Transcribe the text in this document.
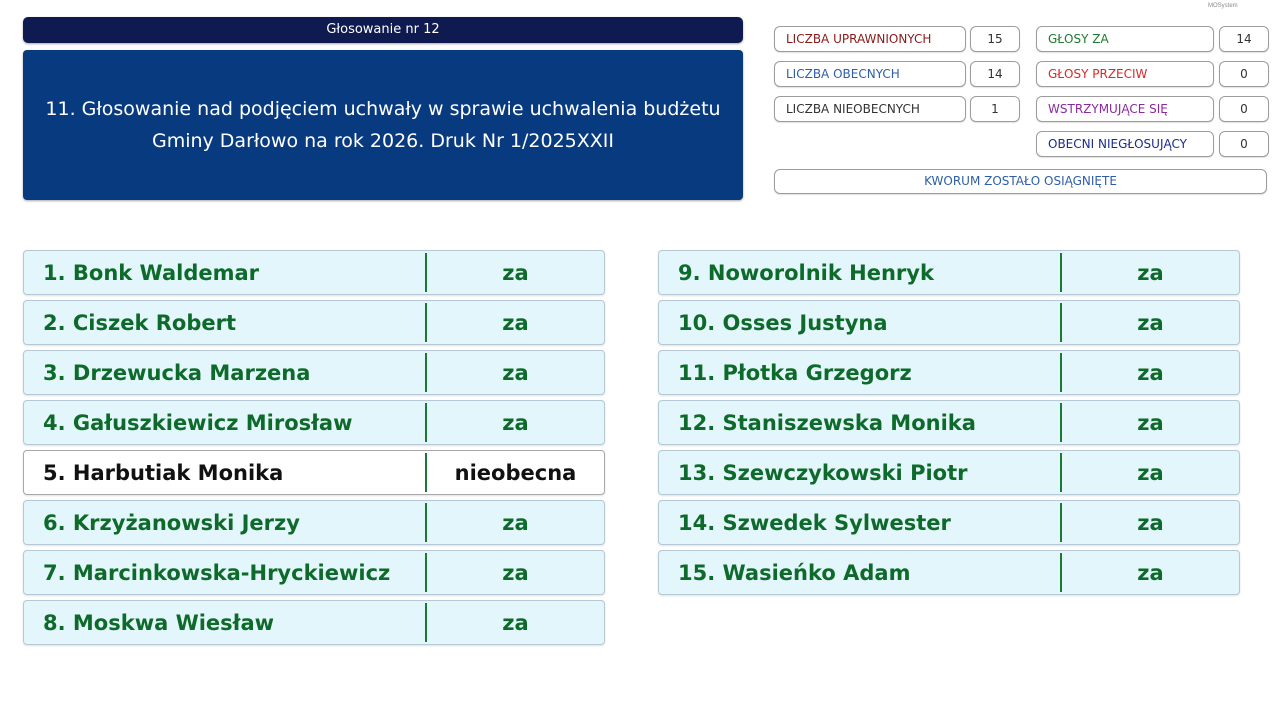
MOSystem
Głosowanie nr 12
11. Głosowanie nad podjęciem uchwały w sprawie uchwalenia budżetu Gminy Darłowo na rok 2026. Druk Nr 1/2025XXII
LICZBA UPRAWNIONYCH	15
LICZBA OBECNYCH	14
LICZBA NIEOBECNYCH	1
GŁOSY ZA	14
GŁOSY PRZECIW	0
WSTRZYMUJĄCE SIĘ	0
OBECNI NIEGŁOSUJĄCY	0
KWORUM ZOSTAŁO OSIĄGNIĘTE
1. Bonk Waldemar	za
2. Ciszek Robert	za
3. Drzewucka Marzena	za
4. Gałuszkiewicz Mirosław	za
5. Harbutiak Monika	nieobecna
6. Krzyżanowski Jerzy	za
7. Marcinkowska-Hryckiewicz	za
8. Moskwa Wiesław	za
9. Noworolnik Henryk	za
10. Osses Justyna	za
11. Płotka Grzegorz	za
12. Staniszewska Monika	za
13. Szewczykowski Piotr	za
14. Szwedek Sylwester	za
15. Wasieńko Adam	za
